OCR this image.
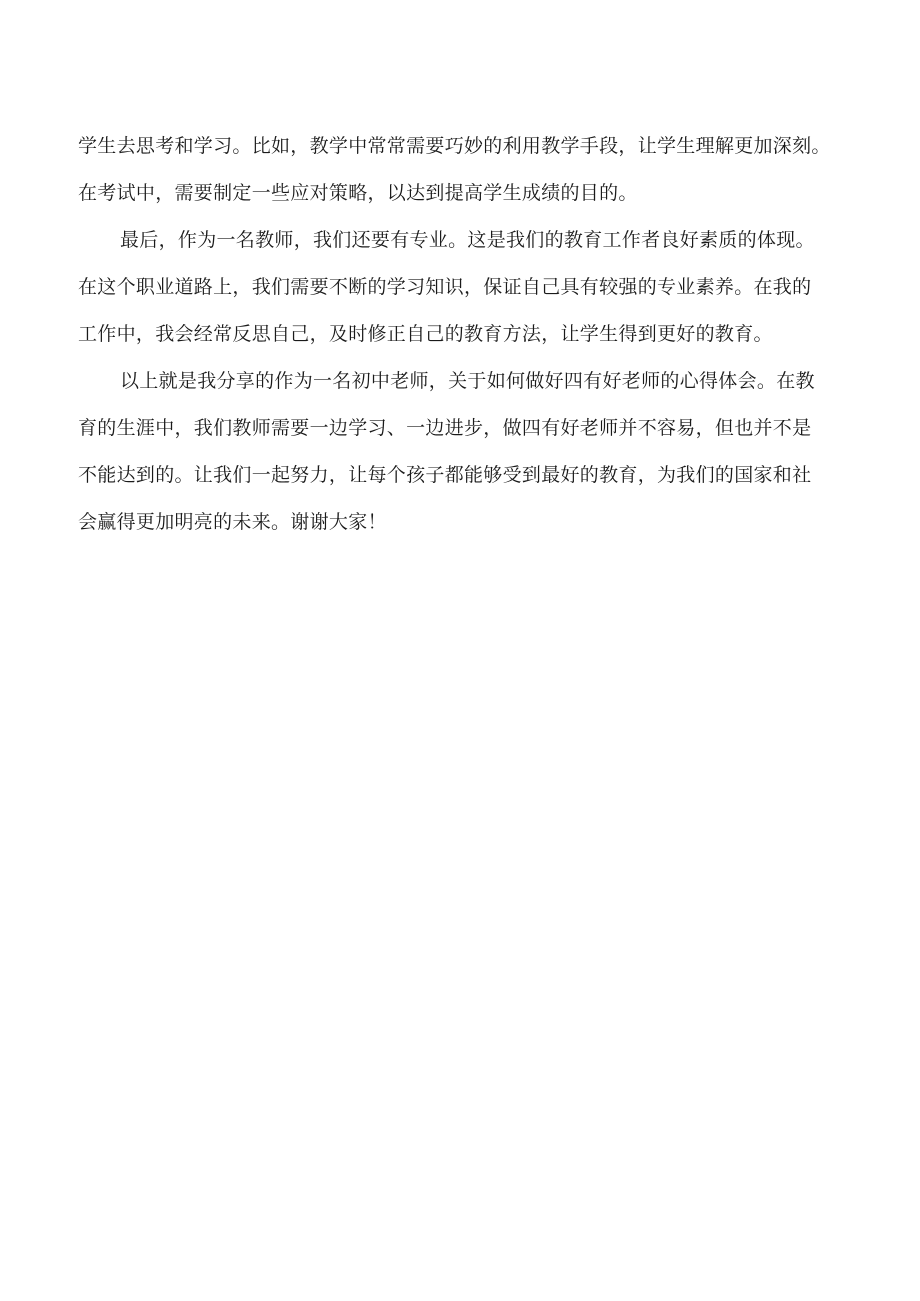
学生去思考和学习。比如，教学中常常需要巧妙的利用教学手段，让学生理解更加深刻。
在考试中，需要制定一些应对策略，以达到提高学生成绩的目的。
最后，作为一名教师，我们还要有专业。这是我们的教育工作者良好素质的体现。
在这个职业道路上，我们需要不断的学习知识，保证自己具有较强的专业素养。在我的
工作中，我会经常反思自己，及时修正自己的教育方法，让学生得到更好的教育。
以上就是我分享的作为一名初中老师，关于如何做好四有好老师的心得体会。在教
育的生涯中，我们教师需要一边学习、一边进步，做四有好老师并不容易，但也并不是
不能达到的。让我们一起努力，让每个孩子都能够受到最好的教育，为我们的国家和社
会赢得更加明亮的未来。谢谢大家！
